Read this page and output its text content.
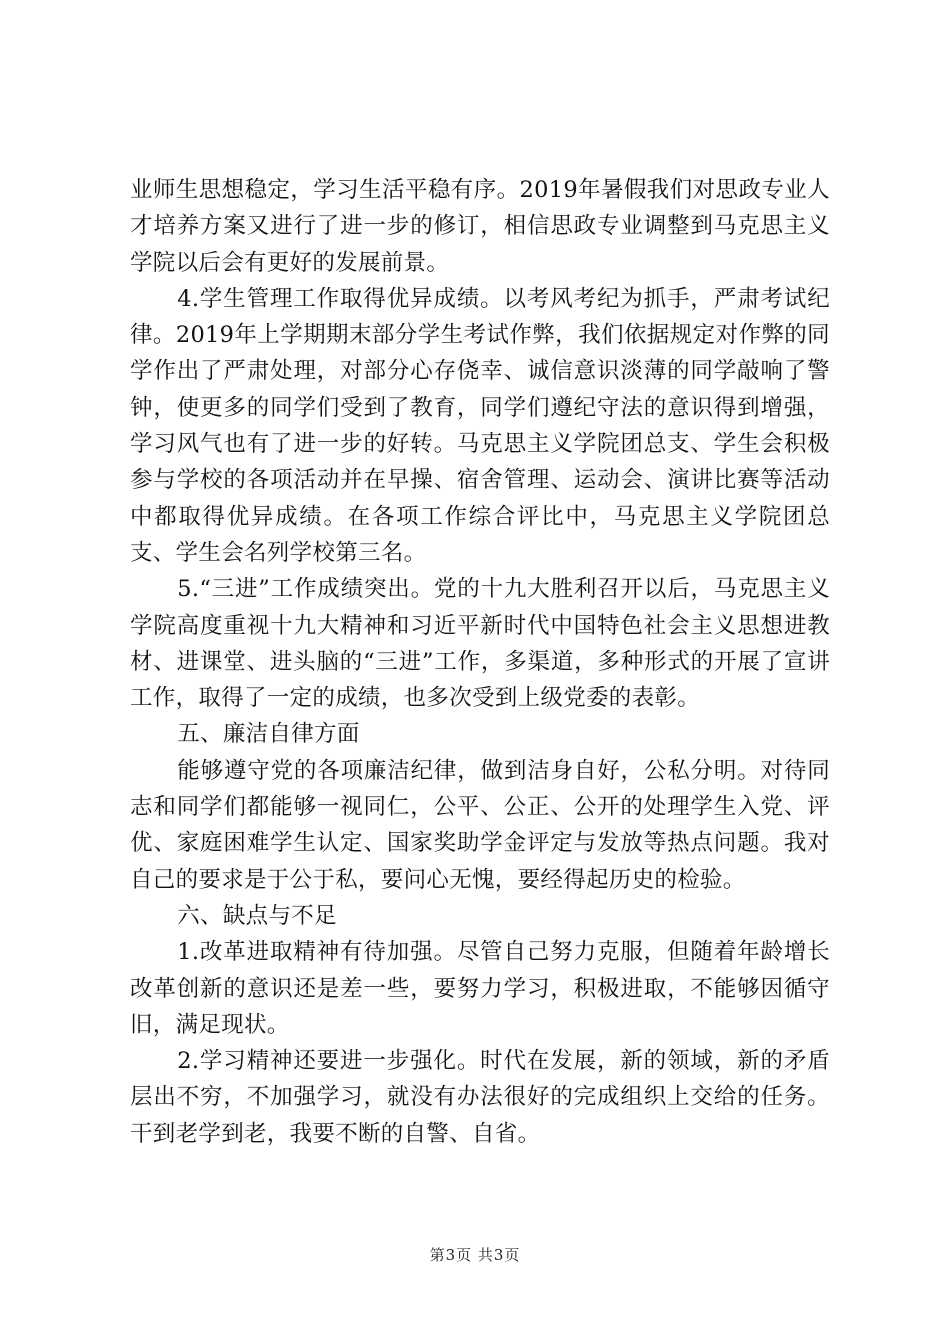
业师生思想稳定，学习生活平稳有序。2019年暑假我们对思政专业人才培养方案又进行了进一步的修订，相信思政专业调整到马克思主义学院以后会有更好的发展前景。

4.学生管理工作取得优异成绩。以考风考纪为抓手，严肃考试纪律。2019年上学期期末部分学生考试作弊，我们依据规定对作弊的同学作出了严肃处理，对部分心存侥幸、诚信意识淡薄的同学敲响了警钟，使更多的同学们受到了教育，同学们遵纪守法的意识得到增强，学习风气也有了进一步的好转。马克思主义学院团总支、学生会积极参与学校的各项活动并在早操、宿舍管理、运动会、演讲比赛等活动中都取得优异成绩。在各项工作综合评比中，马克思主义学院团总支、学生会名列学校第三名。

5.“三进”工作成绩突出。党的十九大胜利召开以后，马克思主义学院高度重视十九大精神和习近平新时代中国特色社会主义思想进教材、进课堂、进头脑的“三进”工作，多渠道，多种形式的开展了宣讲工作，取得了一定的成绩，也多次受到上级党委的表彰。

五、廉洁自律方面

能够遵守党的各项廉洁纪律，做到洁身自好，公私分明。对待同志和同学们都能够一视同仁，公平、公正、公开的处理学生入党、评优、家庭困难学生认定、国家奖助学金评定与发放等热点问题。我对自己的要求是于公于私，要问心无愧，要经得起历史的检验。

六、缺点与不足

1.改革进取精神有待加强。尽管自己努力克服，但随着年龄增长改革创新的意识还是差一些，要努力学习，积极进取，不能够因循守旧，满足现状。

2.学习精神还要进一步强化。时代在发展，新的领域，新的矛盾层出不穷，不加强学习，就没有办法很好的完成组织上交给的任务。干到老学到老，我要不断的自警、自省。

第3页 共3页
